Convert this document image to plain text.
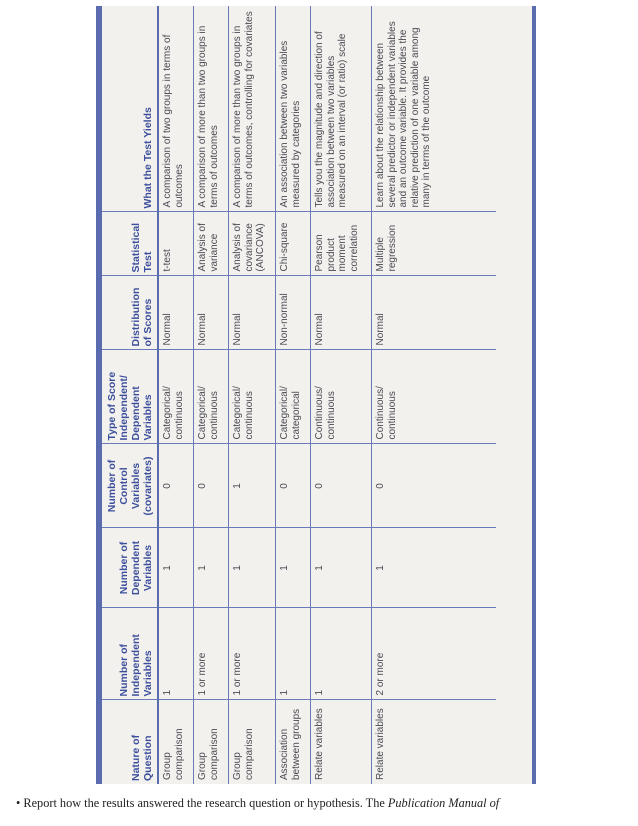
Nature of Question	Number of Independent Variables	Number of Dependent Variables	Number of Control Variables (covariates)	Type of Score Independent/ Dependent Variables	Distribution of Scores	Statistical Test	What the Test Yields
Group comparison	1	1	0	Categorical/ continuous	Normal	t-test	A comparison of two groups in terms of outcomes
Group comparison	1 or more	1	0	Categorical/ continuous	Normal	Analysis of variance	A comparison of more than two groups in terms of outcomes
Group comparison	1 or more	1	1	Categorical/ continuous	Normal	Analysis of covariance (ANCOVA)	A comparison of more than two groups in terms of outcomes, controlling for covariates
Association between groups	1	1	0	Categorical/ categorical	Non-normal	Chi-square	An association between two variables measured by categories
Relate variables	1	1	0	Continuous/ continuous	Normal	Pearson product moment correlation	Tells you the magnitude and direction of association between two variables measured on an interval (or ratio) scale
Relate variables	2 or more	1	0	Continuous/ continuous	Normal	Multiple regression	Learn about the relationship between several predictor or independent variables and an outcome variable. It provides the relative prediction of one variable among many in terms of the outcome
• Report how the results answered the research question or hypothesis. The Publication Manual of
